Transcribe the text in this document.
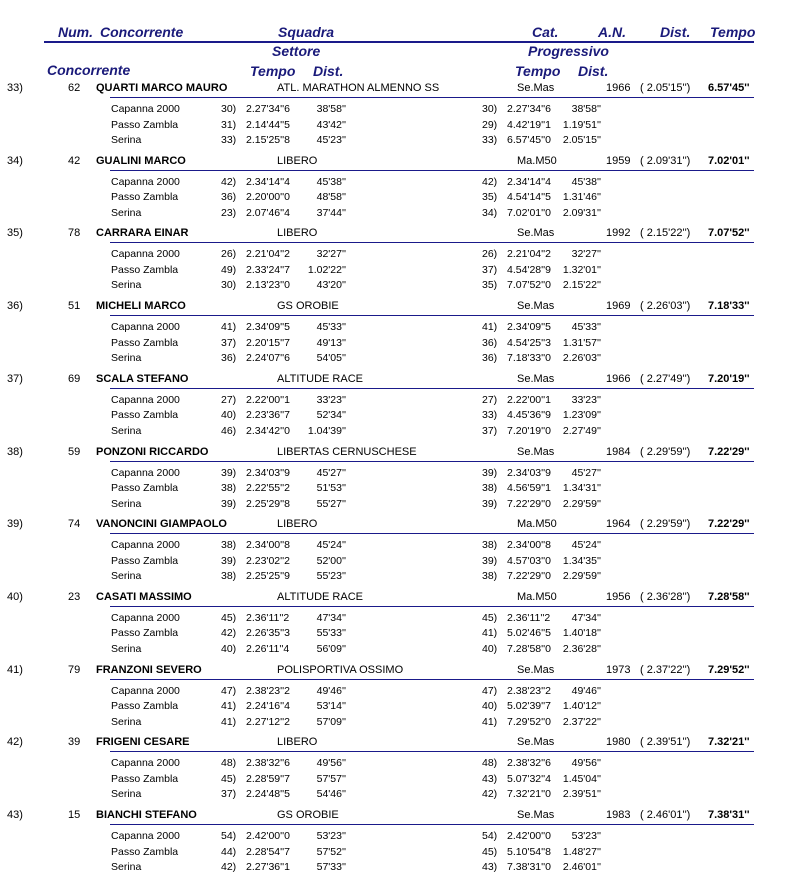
Num. Concorrente	Squadra	Cat.	A.N. Dist. Tempo
Settore	Progressivo
Concorrente	Tempo Dist.	Tempo Dist.
33)	62 QUARTI MARCO MAURO	ATL. MARATHON ALMENNO SS	Se.Mas	1966 ( 2.05'15'') 6.57'45''
Capanna 2000	30) 2.27'34''6	38'58''	30) 2.27'34''6 38'58''
Passo Zambla	31) 2.14'44''5	43'42''	29) 4.42'19''1 1.19'51''
Serina	33) 2.15'25''8	45'23''	33) 6.57'45''0 2.05'15''
34)	42 GUALINI MARCO	LIBERO	Ma.M50	1959 ( 2.09'31'') 7.02'01''
Capanna 2000	42) 2.34'14''4	45'38''	42) 2.34'14''4 45'38''
Passo Zambla	36) 2.20'00''0	48'58''	35) 4.54'14''5 1.31'46''
Serina	23) 2.07'46''4	37'44''	34) 7.02'01''0 2.09'31''
35)	78 CARRARA EINAR	LIBERO	Se.Mas	1992 ( 2.15'22'') 7.07'52''
Capanna 2000	26) 2.21'04''2	32'27''	26) 2.21'04''2 32'27''
Passo Zambla	49) 2.33'24''7 1.02'22''	37) 4.54'28''9 1.32'01''
Serina	30) 2.13'23''0	43'20''	35) 7.07'52''0 2.15'22''
36)	51 MICHELI MARCO	GS OROBIE	Se.Mas	1969 ( 2.26'03'') 7.18'33''
Capanna 2000	41) 2.34'09''5	45'33''	41) 2.34'09''5 45'33''
Passo Zambla	37) 2.20'15''7	49'13''	36) 4.54'25''3 1.31'57''
Serina	36) 2.24'07''6	54'05''	36) 7.18'33''0 2.26'03''
37)	69 SCALA STEFANO	ALTITUDE RACE	Se.Mas	1966 ( 2.27'49'') 7.20'19''
Capanna 2000	27) 2.22'00''1	33'23''	27) 2.22'00''1 33'23''
Passo Zambla	40) 2.23'36''7	52'34''	33) 4.45'36''9 1.23'09''
Serina	46) 2.34'42''0 1.04'39''	37) 7.20'19''0 2.27'49''
38)	59 PONZONI RICCARDO	LIBERTAS CERNUSCHESE	Se.Mas	1984 ( 2.29'59'') 7.22'29''
Capanna 2000	39) 2.34'03''9	45'27''	39) 2.34'03''9 45'27''
Passo Zambla	38) 2.22'55''2	51'53''	38) 4.56'59''1 1.34'31''
Serina	39) 2.25'29''8	55'27''	39) 7.22'29''0 2.29'59''
39)	74 VANONCINI GIAMPAOLO	LIBERO	Ma.M50	1964 ( 2.29'59'') 7.22'29''
Capanna 2000	38) 2.34'00''8	45'24''	38) 2.34'00''8 45'24''
Passo Zambla	39) 2.23'02''2	52'00''	39) 4.57'03''0 1.34'35''
Serina	38) 2.25'25''9	55'23''	38) 7.22'29''0 2.29'59''
40)	23 CASATI MASSIMO	ALTITUDE RACE	Ma.M50	1956 ( 2.36'28'') 7.28'58''
Capanna 2000	45) 2.36'11''2	47'34''	45) 2.36'11''2 47'34''
Passo Zambla	42) 2.26'35''3	55'33''	41) 5.02'46''5 1.40'18''
Serina	40) 2.26'11''4	56'09''	40) 7.28'58''0 2.36'28''
41)	79 FRANZONI SEVERO	POLISPORTIVA OSSIMO	Se.Mas	1973 ( 2.37'22'') 7.29'52''
Capanna 2000	47) 2.38'23''2	49'46''	47) 2.38'23''2 49'46''
Passo Zambla	41) 2.24'16''4	53'14''	40) 5.02'39''7 1.40'12''
Serina	41) 2.27'12''2	57'09''	41) 7.29'52''0 2.37'22''
42)	39 FRIGENI CESARE	LIBERO	Se.Mas	1980 ( 2.39'51'') 7.32'21''
Capanna 2000	48) 2.38'32''6	49'56''	48) 2.38'32''6 49'56''
Passo Zambla	45) 2.28'59''7	57'57''	43) 5.07'32''4 1.45'04''
Serina	37) 2.24'48''5	54'46''	42) 7.32'21''0 2.39'51''
43)	15 BIANCHI STEFANO	GS OROBIE	Se.Mas	1983 ( 2.46'01'') 7.38'31''
Capanna 2000	54) 2.42'00''0	53'23''	54) 2.42'00''0 53'23''
Passo Zambla	44) 2.28'54''7	57'52''	45) 5.10'54''8 1.48'27''
Serina	42) 2.27'36''1	57'33''	43) 7.38'31''0 2.46'01''
